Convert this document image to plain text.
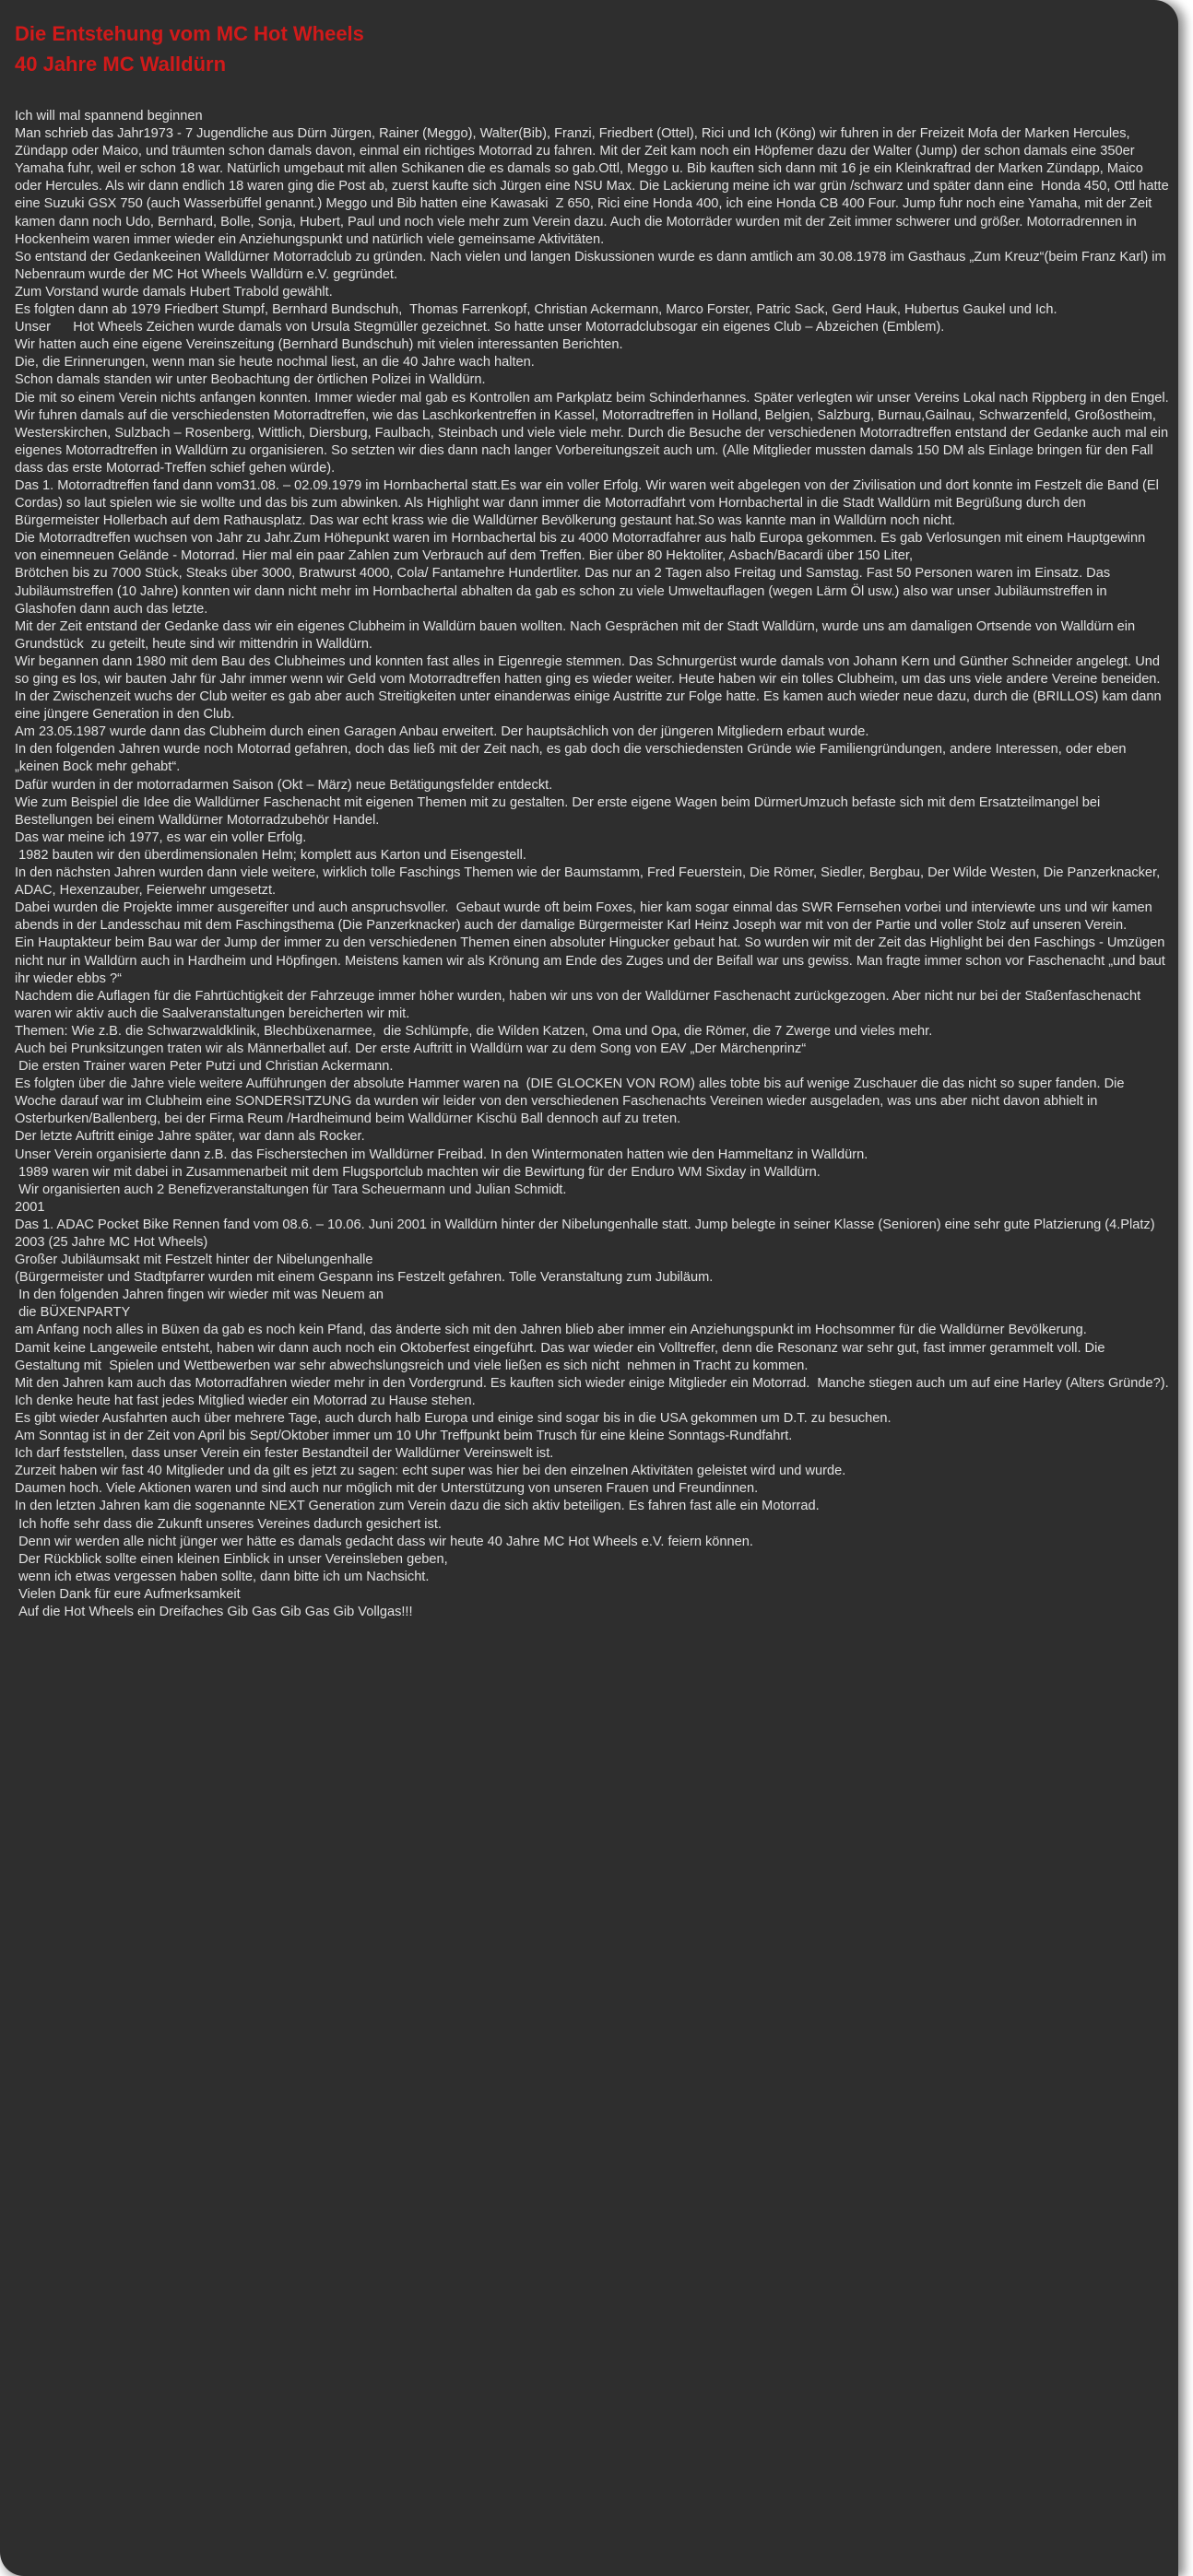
Die Entstehung vom MC Hot Wheels
40 Jahre MC Walldürn

Ich will mal spannend beginnen

Man schrieb das Jahr1973 - 7 Jugendliche aus Dürn Jürgen, Rainer (Meggo), Walter(Bib), Franzi, Friedbert (Ottel), Rici und Ich (Köng) wir fuhren in der Freizeit Mofa der Marken Hercules, Zündapp oder Maico, und träumten schon damals davon, einmal ein richtiges Motorrad zu fahren. Mit der Zeit kam noch ein Höpfemer dazu der Walter (Jump) der schon damals eine 350er Yamaha fuhr, weil er schon 18 war. Natürlich umgebaut mit allen Schikanen die es damals so gab.Ottl, Meggo u. Bib kauften sich dann mit 16 je ein Kleinkraftrad der Marken Zündapp, Maico oder Hercules. Als wir dann endlich 18 waren ging die Post ab, zuerst kaufte sich Jürgen eine NSU Max. Die Lackierung meine ich war grün /schwarz und später dann eine  Honda 450, Ottl hatte eine Suzuki GSX 750 (auch Wasserbüffel genannt.) Meggo und Bib hatten eine Kawasaki  Z 650, Rici eine Honda 400, ich eine Honda CB 400 Four. Jump fuhr noch eine Yamaha, mit der Zeit kamen dann noch Udo, Bernhard, Bolle, Sonja, Hubert, Paul und noch viele mehr zum Verein dazu. Auch die Motorräder wurden mit der Zeit immer schwerer und größer. Motorradrennen in Hockenheim waren immer wieder ein Anziehungspunkt und natürlich viele gemeinsame Aktivitäten.

So entstand der Gedankeeinen Walldürner Motorradclub zu gründen. Nach vielen und langen Diskussionen wurde es dann amtlich am 30.08.1978 im Gasthaus „Zum Kreuz“(beim Franz Karl) im Nebenraum wurde der MC Hot Wheels Walldürn e.V. gegründet.

Zum Vorstand wurde damals Hubert Trabold gewählt.

Es folgten dann ab 1979 Friedbert Stumpf, Bernhard Bundschuh,  Thomas Farrenkopf, Christian Ackermann, Marco Forster, Patric Sack, Gerd Hauk, Hubertus Gaukel und Ich.

Unser      Hot Wheels Zeichen wurde damals von Ursula Stegmüller gezeichnet. So hatte unser Motorradclubsogar ein eigenes Club – Abzeichen (Emblem).

Wir hatten auch eine eigene Vereinszeitung (Bernhard Bundschuh) mit vielen interessanten Berichten.

Die, die Erinnerungen, wenn man sie heute nochmal liest, an die 40 Jahre wach halten.

Schon damals standen wir unter Beobachtung der örtlichen Polizei in Walldürn.

Die mit so einem Verein nichts anfangen konnten. Immer wieder mal gab es Kontrollen am Parkplatz beim Schinderhannes. Später verlegten wir unser Vereins Lokal nach Rippberg in den Engel.

Wir fuhren damals auf die verschiedensten Motorradtreffen, wie das Laschkorkentreffen in Kassel, Motorradtreffen in Holland, Belgien, Salzburg, Burnau,Gailnau, Schwarzenfeld, Großostheim, Westerskirchen, Sulzbach – Rosenberg, Wittlich, Diersburg, Faulbach, Steinbach und viele viele mehr. Durch die Besuche der verschiedenen Motorradtreffen entstand der Gedanke auch mal ein eigenes Motorradtreffen in Walldürn zu organisieren. So setzten wir dies dann nach langer Vorbereitungszeit auch um. (Alle Mitglieder mussten damals 150 DM als Einlage bringen für den Fall dass das erste Motorrad-Treffen schief gehen würde).

Das 1. Motorradtreffen fand dann vom31.08. – 02.09.1979 im Hornbachertal statt.Es war ein voller Erfolg. Wir waren weit abgelegen von der Zivilisation und dort konnte im Festzelt die Band (El Cordas) so laut spielen wie sie wollte und das bis zum abwinken. Als Highlight war dann immer die Motorradfahrt vom Hornbachertal in die Stadt Walldürn mit Begrüßung durch den Bürgermeister Hollerbach auf dem Rathausplatz. Das war echt krass wie die Walldürner Bevölkerung gestaunt hat.So was kannte man in Walldürn noch nicht.

Die Motorradtreffen wuchsen von Jahr zu Jahr.Zum Höhepunkt waren im Hornbachertal bis zu 4000 Motorradfahrer aus halb Europa gekommen. Es gab Verlosungen mit einem Hauptgewinn von einemneuen Gelände - Motorrad. Hier mal ein paar Zahlen zum Verbrauch auf dem Treffen. Bier über 80 Hektoliter, Asbach/Bacardi über 150 Liter,

Brötchen bis zu 7000 Stück, Steaks über 3000, Bratwurst 4000, Cola/ Fantamehre Hundertliter. Das nur an 2 Tagen also Freitag und Samstag. Fast 50 Personen waren im Einsatz. Das Jubiläumstreffen (10 Jahre) konnten wir dann nicht mehr im Hornbachertal abhalten da gab es schon zu viele Umweltauflagen (wegen Lärm Öl usw.) also war unser Jubiläumstreffen in Glashofen dann auch das letzte.

Mit der Zeit entstand der Gedanke dass wir ein eigenes Clubheim in Walldürn bauen wollten. Nach Gesprächen mit der Stadt Walldürn, wurde uns am damaligen Ortsende von Walldürn ein Grundstück  zu geteilt, heute sind wir mittendrin in Walldürn.

Wir begannen dann 1980 mit dem Bau des Clubheimes und konnten fast alles in Eigenregie stemmen. Das Schnurgerüst wurde damals von Johann Kern und Günther Schneider angelegt. Und so ging es los, wir bauten Jahr für Jahr immer wenn wir Geld vom Motorradtreffen hatten ging es wieder weiter. Heute haben wir ein tolles Clubheim, um das uns viele andere Vereine beneiden.

In der Zwischenzeit wuchs der Club weiter es gab aber auch Streitigkeiten unter einanderwas einige Austritte zur Folge hatte. Es kamen auch wieder neue dazu, durch die (BRILLOS) kam dann eine jüngere Generation in den Club.

Am 23.05.1987 wurde dann das Clubheim durch einen Garagen Anbau erweitert. Der hauptsächlich von der jüngeren Mitgliedern erbaut wurde.

In den folgenden Jahren wurde noch Motorrad gefahren, doch das ließ mit der Zeit nach, es gab doch die verschiedensten Gründe wie Familiengründungen, andere Interessen, oder eben „keinen Bock mehr gehabt“.

Dafür wurden in der motorradarmen Saison (Okt – März) neue Betätigungsfelder entdeckt.

Wie zum Beispiel die Idee die Walldürner Faschenacht mit eigenen Themen mit zu gestalten. Der erste eigene Wagen beim DürmerUmzuch befaste sich mit dem Ersatzteilmangel bei Bestellungen bei einem Walldürner Motorradzubehör Handel.

Das war meine ich 1977, es war ein voller Erfolg.

1982 bauten wir den überdimensionalen Helm; komplett aus Karton und Eisengestell.

In den nächsten Jahren wurden dann viele weitere, wirklich tolle Faschings Themen wie der Baumstamm, Fred Feuerstein, Die Römer, Siedler, Bergbau, Der Wilde Westen, Die Panzerknacker, ADAC, Hexenzauber, Feierwehr umgesetzt.

Dabei wurden die Projekte immer ausgereifter und auch anspruchsvoller.  Gebaut wurde oft beim Foxes, hier kam sogar einmal das SWR Fernsehen vorbei und interviewte uns und wir kamen abends in der Landesschau mit dem Faschingsthema (Die Panzerknacker) auch der damalige Bürgermeister Karl Heinz Joseph war mit von der Partie und voller Stolz auf unseren Verein.

Ein Hauptakteur beim Bau war der Jump der immer zu den verschiedenen Themen einen absoluter Hingucker gebaut hat. So wurden wir mit der Zeit das Highlight bei den Faschings - Umzügen nicht nur in Walldürn auch in Hardheim und Höpfingen. Meistens kamen wir als Krönung am Ende des Zuges und der Beifall war uns gewiss. Man fragte immer schon vor Faschenacht „und baut ihr wieder ebbs ?“

Nachdem die Auflagen für die Fahrtüchtigkeit der Fahrzeuge immer höher wurden, haben wir uns von der Walldürner Faschenacht zurückgezogen. Aber nicht nur bei der Staßenfaschenacht waren wir aktiv auch die Saalveranstaltungen bereicherten wir mit.

Themen: Wie z.B. die Schwarzwaldklinik, Blechbüxenarmee,  die Schlümpfe, die Wilden Katzen, Oma und Opa, die Römer, die 7 Zwerge und vieles mehr.

Auch bei Prunksitzungen traten wir als Männerballet auf. Der erste Auftritt in Walldürn war zu dem Song von EAV „Der Märchenprinz“

Die ersten Trainer waren Peter Putzi und Christian Ackermann.

Es folgten über die Jahre viele weitere Aufführungen der absolute Hammer waren na  (DIE GLOCKEN VON ROM) alles tobte bis auf wenige Zuschauer die das nicht so super fanden. Die Woche darauf war im Clubheim eine SONDERSITZUNG da wurden wir leider von den verschiedenen Faschenachts Vereinen wieder ausgeladen, was uns aber nicht davon abhielt in Osterburken/Ballenberg, bei der Firma Reum /Hardheimund beim Walldürner Kischü Ball dennoch auf zu treten.

Der letzte Auftritt einige Jahre später, war dann als Rocker.

Unser Verein organisierte dann z.B. das Fischerstechen im Walldürner Freibad. In den Wintermonaten hatten wie den Hammeltanz in Walldürn.

1989 waren wir mit dabei in Zusammenarbeit mit dem Flugsportclub machten wir die Bewirtung für der Enduro WM Sixday in Walldürn.

Wir organisierten auch 2 Benefizveranstaltungen für Tara Scheuermann und Julian Schmidt.

2001

Das 1. ADAC Pocket Bike Rennen fand vom 08.6. – 10.06. Juni 2001 in Walldürn hinter der Nibelungenhalle statt. Jump belegte in seiner Klasse (Senioren) eine sehr gute Platzierung (4.Platz)

2003 (25 Jahre MC Hot Wheels)

Großer Jubiläumsakt mit Festzelt hinter der Nibelungenhalle

(Bürgermeister und Stadtpfarrer wurden mit einem Gespann ins Festzelt gefahren. Tolle Veranstaltung zum Jubiläum.

In den folgenden Jahren fingen wir wieder mit was Neuem an

die BÜXENPARTY

am Anfang noch alles in Büxen da gab es noch kein Pfand, das änderte sich mit den Jahren blieb aber immer ein Anziehungspunkt im Hochsommer für die Walldürner Bevölkerung.

Damit keine Langeweile entsteht, haben wir dann auch noch ein Oktoberfest eingeführt. Das war wieder ein Volltreffer, denn die Resonanz war sehr gut, fast immer gerammelt voll. Die Gestaltung mit  Spielen und Wettbewerben war sehr abwechslungsreich und viele ließen es sich nicht  nehmen in Tracht zu kommen.

Mit den Jahren kam auch das Motorradfahren wieder mehr in den Vordergrund. Es kauften sich wieder einige Mitglieder ein Motorrad.  Manche stiegen auch um auf eine Harley (Alters Gründe?). Ich denke heute hat fast jedes Mitglied wieder ein Motorrad zu Hause stehen.

Es gibt wieder Ausfahrten auch über mehrere Tage, auch durch halb Europa und einige sind sogar bis in die USA gekommen um D.T. zu besuchen.

Am Sonntag ist in der Zeit von April bis Sept/Oktober immer um 10 Uhr Treffpunkt beim Trusch für eine kleine Sonntags-Rundfahrt.

Ich darf feststellen, dass unser Verein ein fester Bestandteil der Walldürner Vereinswelt ist.

Zurzeit haben wir fast 40 Mitglieder und da gilt es jetzt zu sagen: echt super was hier bei den einzelnen Aktivitäten geleistet wird und wurde.

Daumen hoch. Viele Aktionen waren und sind auch nur möglich mit der Unterstützung von unseren Frauen und Freundinnen.

In den letzten Jahren kam die sogenannte NEXT Generation zum Verein dazu die sich aktiv beteiligen. Es fahren fast alle ein Motorrad.

Ich hoffe sehr dass die Zukunft unseres Vereines dadurch gesichert ist.

Denn wir werden alle nicht jünger wer hätte es damals gedacht dass wir heute 40 Jahre MC Hot Wheels e.V. feiern können.

Der Rückblick sollte einen kleinen Einblick in unser Vereinsleben geben,

wenn ich etwas vergessen haben sollte, dann bitte ich um Nachsicht.

Vielen Dank für eure Aufmerksamkeit

Auf die Hot Wheels ein Dreifaches Gib Gas Gib Gas Gib Vollgas!!!
